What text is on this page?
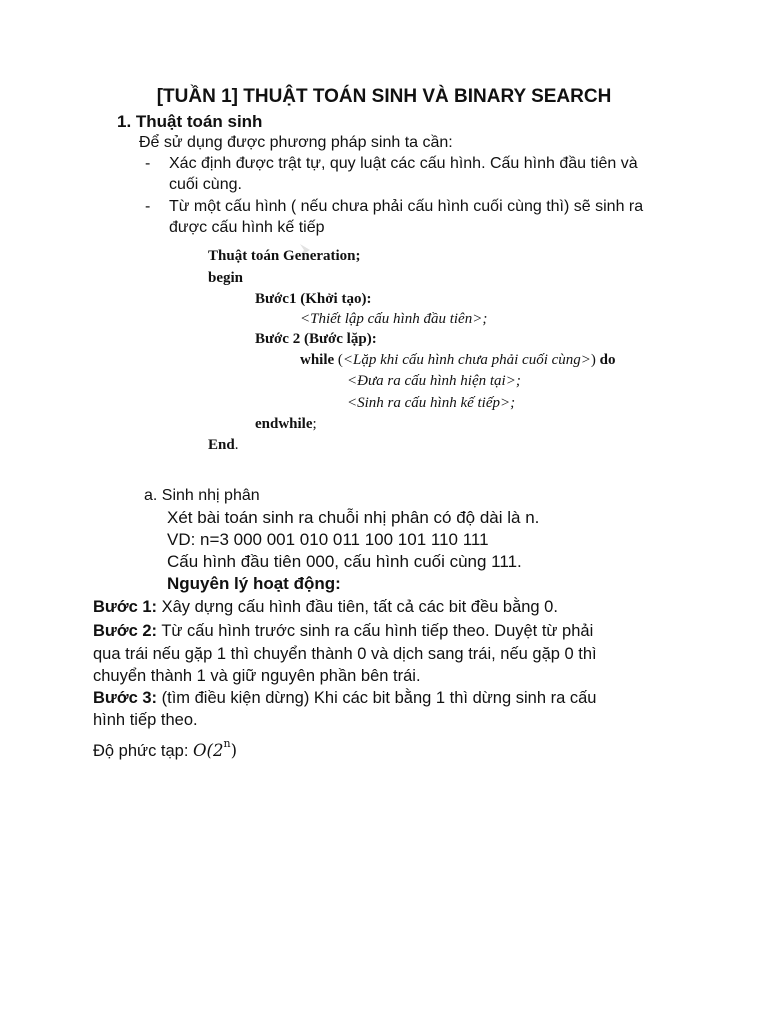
[TUẦN 1] THUẬT TOÁN SINH VÀ BINARY SEARCH
1. Thuật toán sinh
Để sử dụng được phương pháp sinh ta cần:
- Xác định được trật tự, quy luật các cấu hình. Cấu hình đầu tiên và
cuối cùng.
- Từ một cấu hình ( nếu chưa phải cấu hình cuối cùng thì) sẽ sinh ra
được cấu hình kế tiếp
Thuật toán Generation;
begin
Bước1 (Khởi tạo):
<Thiết lập cấu hình đầu tiên>;
Bước 2 (Bước lặp):
while (<Lặp khi cấu hình chưa phải cuối cùng>) do
<Đưa ra cấu hình hiện tại>;
<Sinh ra cấu hình kế tiếp>;
endwhile;
End.
a. Sinh nhị phân
Xét bài toán sinh ra chuỗi nhị phân có độ dài là n.
VD: n=3 000 001 010 011 100 101 110 111
Cấu hình đầu tiên 000, cấu hình cuối cùng 111.
Nguyên lý hoạt động:
Bước 1: Xây dựng cấu hình đầu tiên, tất cả các bit đều bằng 0.
Bước 2: Từ cấu hình trước sinh ra cấu hình tiếp theo. Duyệt từ phải
qua trái nếu gặp 1 thì chuyển thành 0 và dịch sang trái, nếu gặp 0 thì
chuyển thành 1 và giữ nguyên phần bên trái.
Bước 3: (tìm điều kiện dừng) Khi các bit bằng 1 thì dừng sinh ra cấu
hình tiếp theo.
Độ phức tạp: O(2$^n$)
